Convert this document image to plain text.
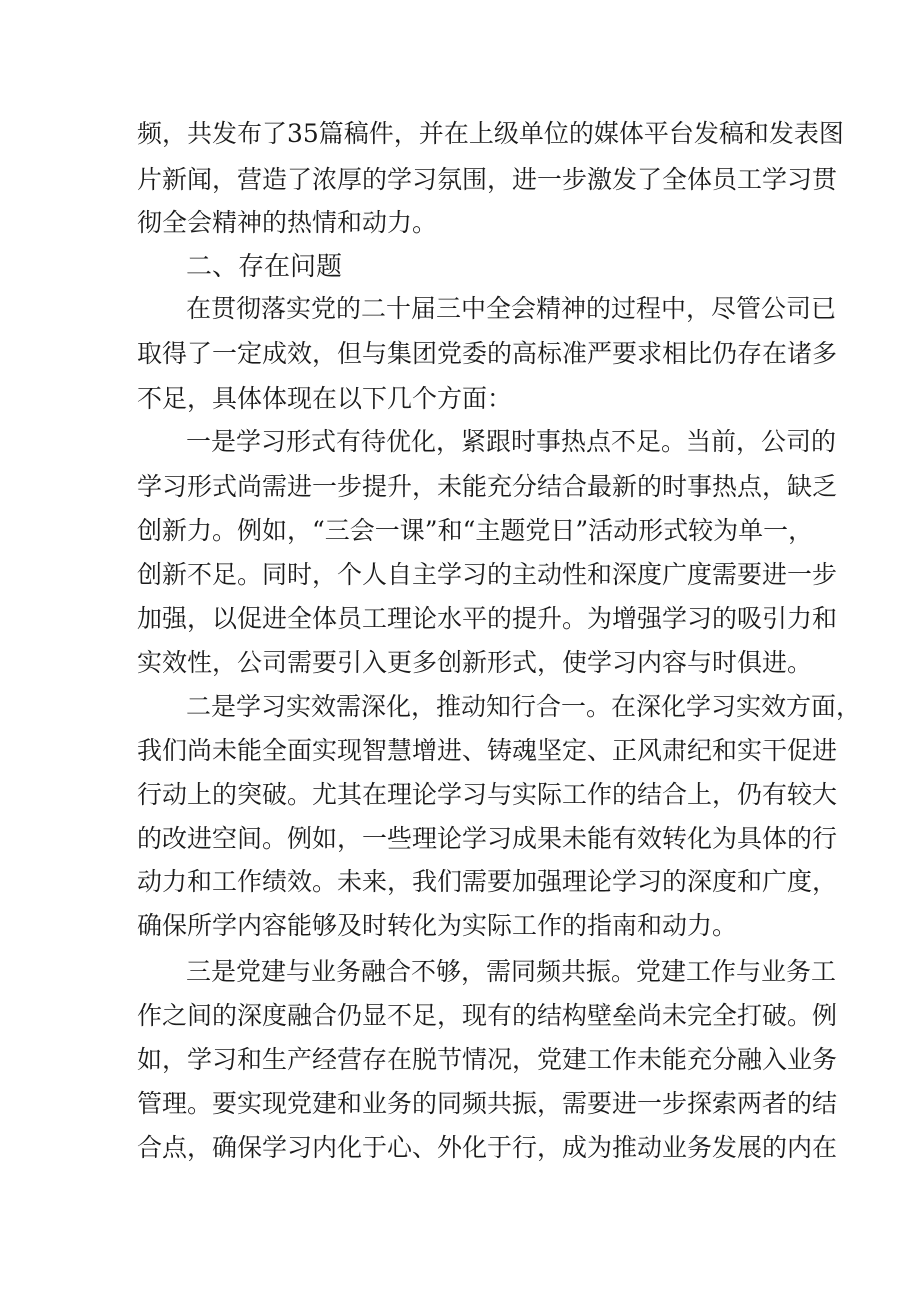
频，共发布了35篇稿件，并在上级单位的媒体平台发稿和发表图
片新闻，营造了浓厚的学习氛围，进一步激发了全体员工学习贯
彻全会精神的热情和动力。
二、存在问题
在贯彻落实党的二十届三中全会精神的过程中，尽管公司已
取得了一定成效，但与集团党委的高标准严要求相比仍存在诸多
不足，具体体现在以下几个方面：
一是学习形式有待优化，紧跟时事热点不足。当前，公司的
学习形式尚需进一步提升，未能充分结合最新的时事热点，缺乏
创新力。例如，“三会一课”和“主题党日”活动形式较为单一，
创新不足。同时，个人自主学习的主动性和深度广度需要进一步
加强，以促进全体员工理论水平的提升。为增强学习的吸引力和
实效性，公司需要引入更多创新形式，使学习内容与时俱进。
二是学习实效需深化，推动知行合一。在深化学习实效方面，
我们尚未能全面实现智慧增进、铸魂坚定、正风肃纪和实干促进
行动上的突破。尤其在理论学习与实际工作的结合上，仍有较大
的改进空间。例如，一些理论学习成果未能有效转化为具体的行
动力和工作绩效。未来，我们需要加强理论学习的深度和广度，
确保所学内容能够及时转化为实际工作的指南和动力。
三是党建与业务融合不够，需同频共振。党建工作与业务工
作之间的深度融合仍显不足，现有的结构壁垒尚未完全打破。例
如，学习和生产经营存在脱节情况，党建工作未能充分融入业务
管理。要实现党建和业务的同频共振，需要进一步探索两者的结
合点，确保学习内化于心、外化于行，成为推动业务发展的内在
